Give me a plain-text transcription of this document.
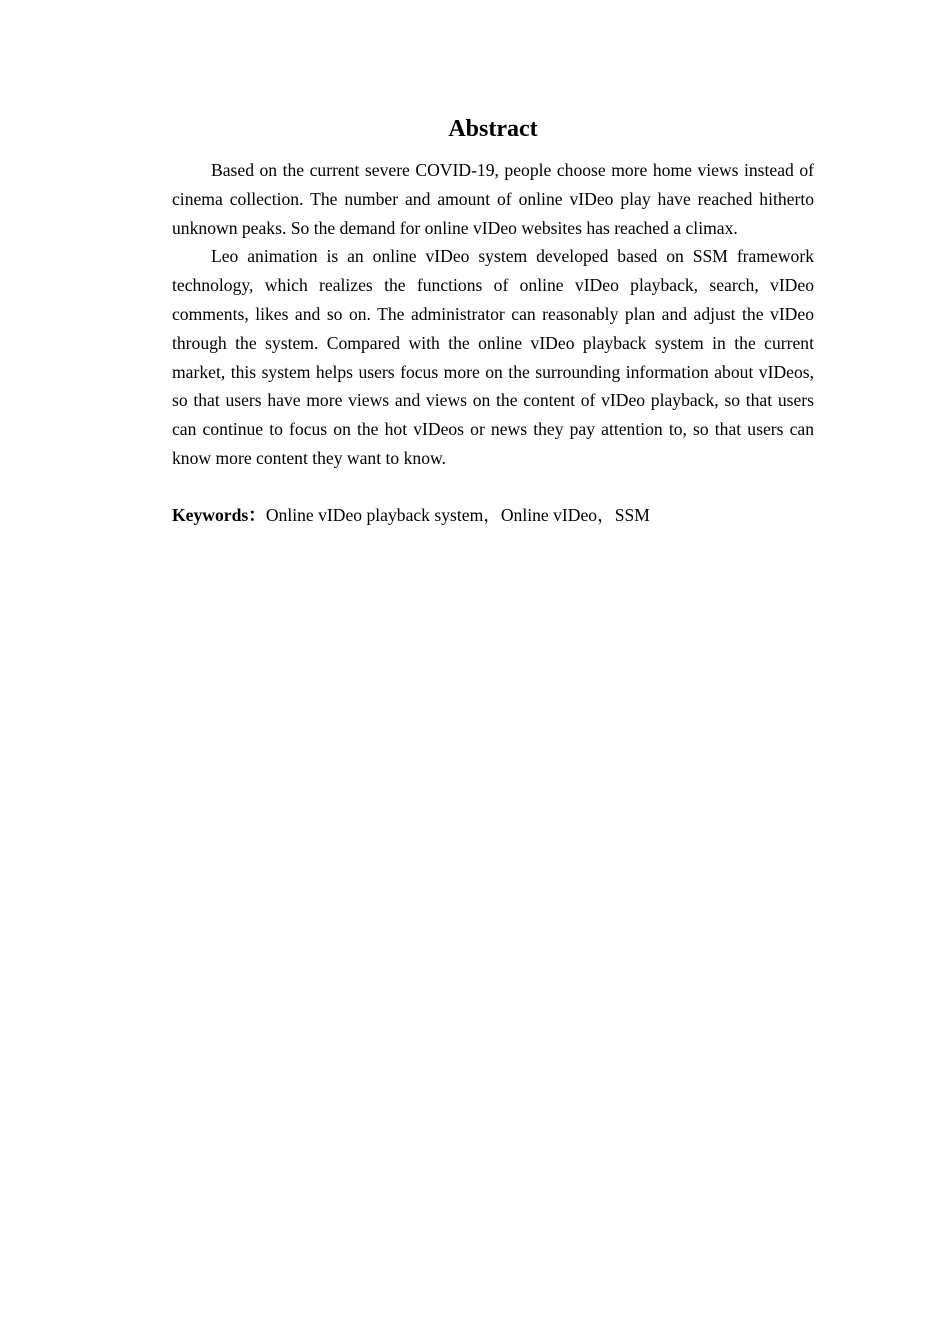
Abstract

Based on the current severe COVID-19, people choose more home views instead of cinema collection. The number and amount of online vIDeo play have reached hitherto unknown peaks. So the demand for online vIDeo websites has reached a climax.

Leo animation is an online vIDeo system developed based on SSM framework technology, which realizes the functions of online vIDeo playback, search, vIDeo comments, likes and so on. The administrator can reasonably plan and adjust the vIDeo through the system. Compared with the online vIDeo playback system in the current market, this system helps users focus more on the surrounding information about vIDeos, so that users have more views and views on the content of vIDeo playback, so that users can continue to focus on the hot vIDeos or news they pay attention to, so that users can know more content they want to know.

Keywords：Online vIDeo playback system，Online vIDeo，SSM
